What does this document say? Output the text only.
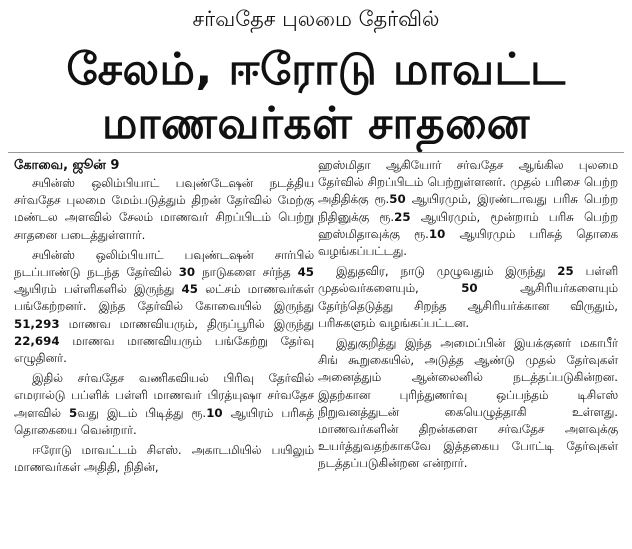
சர்வதேச புலமை தேர்வில்
சேலம், ஈரோடு மாவட்ட
மாணவர்கள் சாதனை
கோவை, ஜூன் 9

சயின்ஸ் ஒலிம்பியாட் பவுண்டேஷன் நடத்திய சர்வதேச புலமை மேம்படுத்தும் திறன் தேர்வில் மேற்கு மண்டல அளவில் சேலம் மாணவர் சிறப்பிடம் பெற்று சாதனை படைத்துள்ளார்.

சயின்ஸ் ஒலிம்பியாட் பவுண்டஷன் சார்பில் நடப்பாண்டு நடந்த தேர்வில் 30 நாடுகளை சர்ந்த 45 ஆயிரம் பள்ளிகளில் இருந்து 45 லட்சம் மாணவர்கள் பங்கேற்றனர். இந்த தேர்வில் கோவையில் இருந்து 51,293 மாணவ மாணவியரும், திருப்பூரில் இருந்து 22,694 மாணவ மாணவியரும் பங்கேற்று தேர்வு எழுதினர்.

இதில் சர்வதேச வணிகவியல் பிரிவு தேர்வில் எமரால்டு பப்ளிக் பள்ளி மாணவர் பிரத்யுஷா சர்வதேச அளவில் 5வது இடம் பிடித்து ரூ.10 ஆயிரம் பரிசுத் தொகையை வென்றார்.

ஈரோடு மாவட்டம் சிஎஸ். அகாடமியில் பயிலும் மாணவர்கள் அதிதி, நிதின்,

ஹஸ்மிதா ஆகியோர் சர்வதேச ஆங்கில புலமை தேர்வில் சிறப்பிடம் பெற்றுள்ளனர். முதல் பரிசை பெற்ற அதிதிக்கு ரூ.50 ஆயிரமும், இரண்டாவது பரிசு பெற்ற நிதினுக்கு ரூ.25 ஆயிரமும், மூன்றாம் பரிசு பெற்ற ஹஸ்மிதாவுக்கு ரூ.10 ஆயிரமும் பரிசுத் தொகை வழங்கப்பட்டது.

இதுதவிர, நாடு முழுவதும் இருந்து 25 பள்ளி முதல்வர்களையும், 50 ஆசிரியர்களையும் தேர்ந்தெடுத்து சிறந்த ஆசிரியர்க்கான விருதும், பரிசுகளும் வழங்கப்பட்டன.

இதுகுறித்து இந்த அமைப்பின் இயக்குனர் மகாபீர் சிங் கூறுகையில், அடுத்த ஆண்டு முதல் தேர்வுகள் அனைத்தும் ஆன்லைனில் நடத்தப்படுகின்றன. இதற்கான புரிந்துணர்வு ஒப்பந்தம் டிசிஎஸ் நிறுவனத்துடன் கையெழுத்தாகி உள்ளது. மாணவர்களின் திறன்களை சர்வதேச அளவுக்கு உயர்த்துவதற்காகவே இத்தகைய போட்டி தேர்வுகள் நடத்தப்படுகின்றன என்றார்.
